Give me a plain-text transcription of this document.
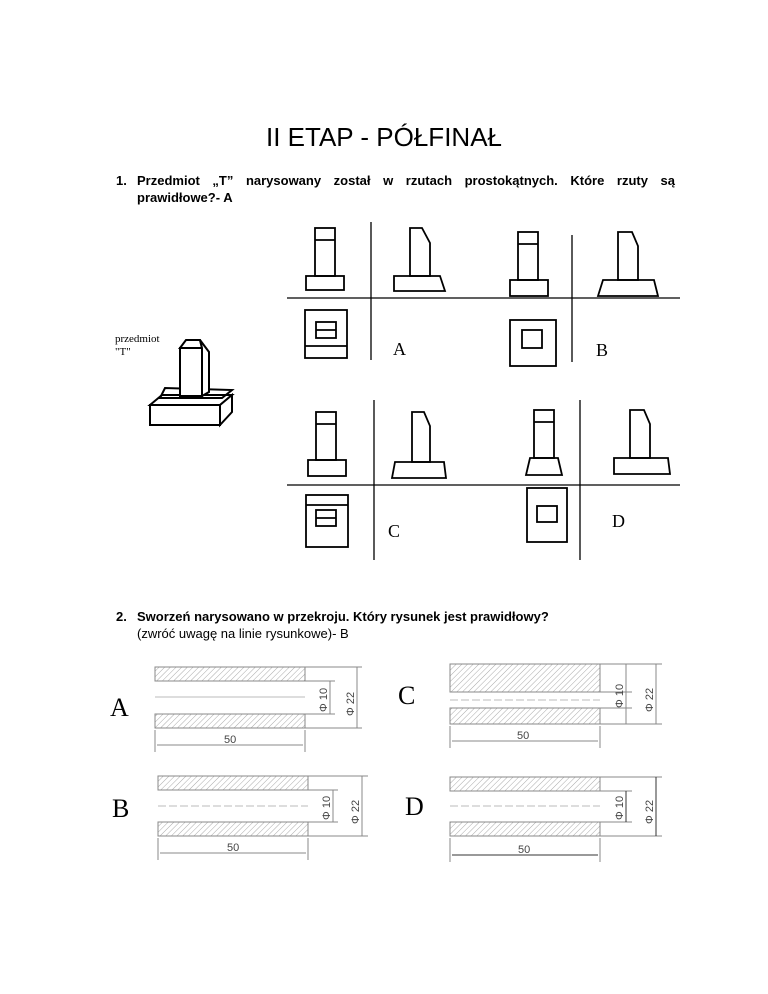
II ETAP - PÓŁFINAŁ
1. Przedmiot „T” narysowany został w rzutach prostokątnych. Które rzuty są prawidłowe?- A
przedmiot
"T"	A	B
C	D
2. Sworzeń narysowano w przekroju. Który rysunek jest prawidłowy?
(zwróć uwagę na linie rysunkowe)- B
A	C
B	D
50	50
50	50
Φ 10 Φ 22	Φ 10 Φ 22
Φ 10 Φ 22	Φ 10 Φ 22
